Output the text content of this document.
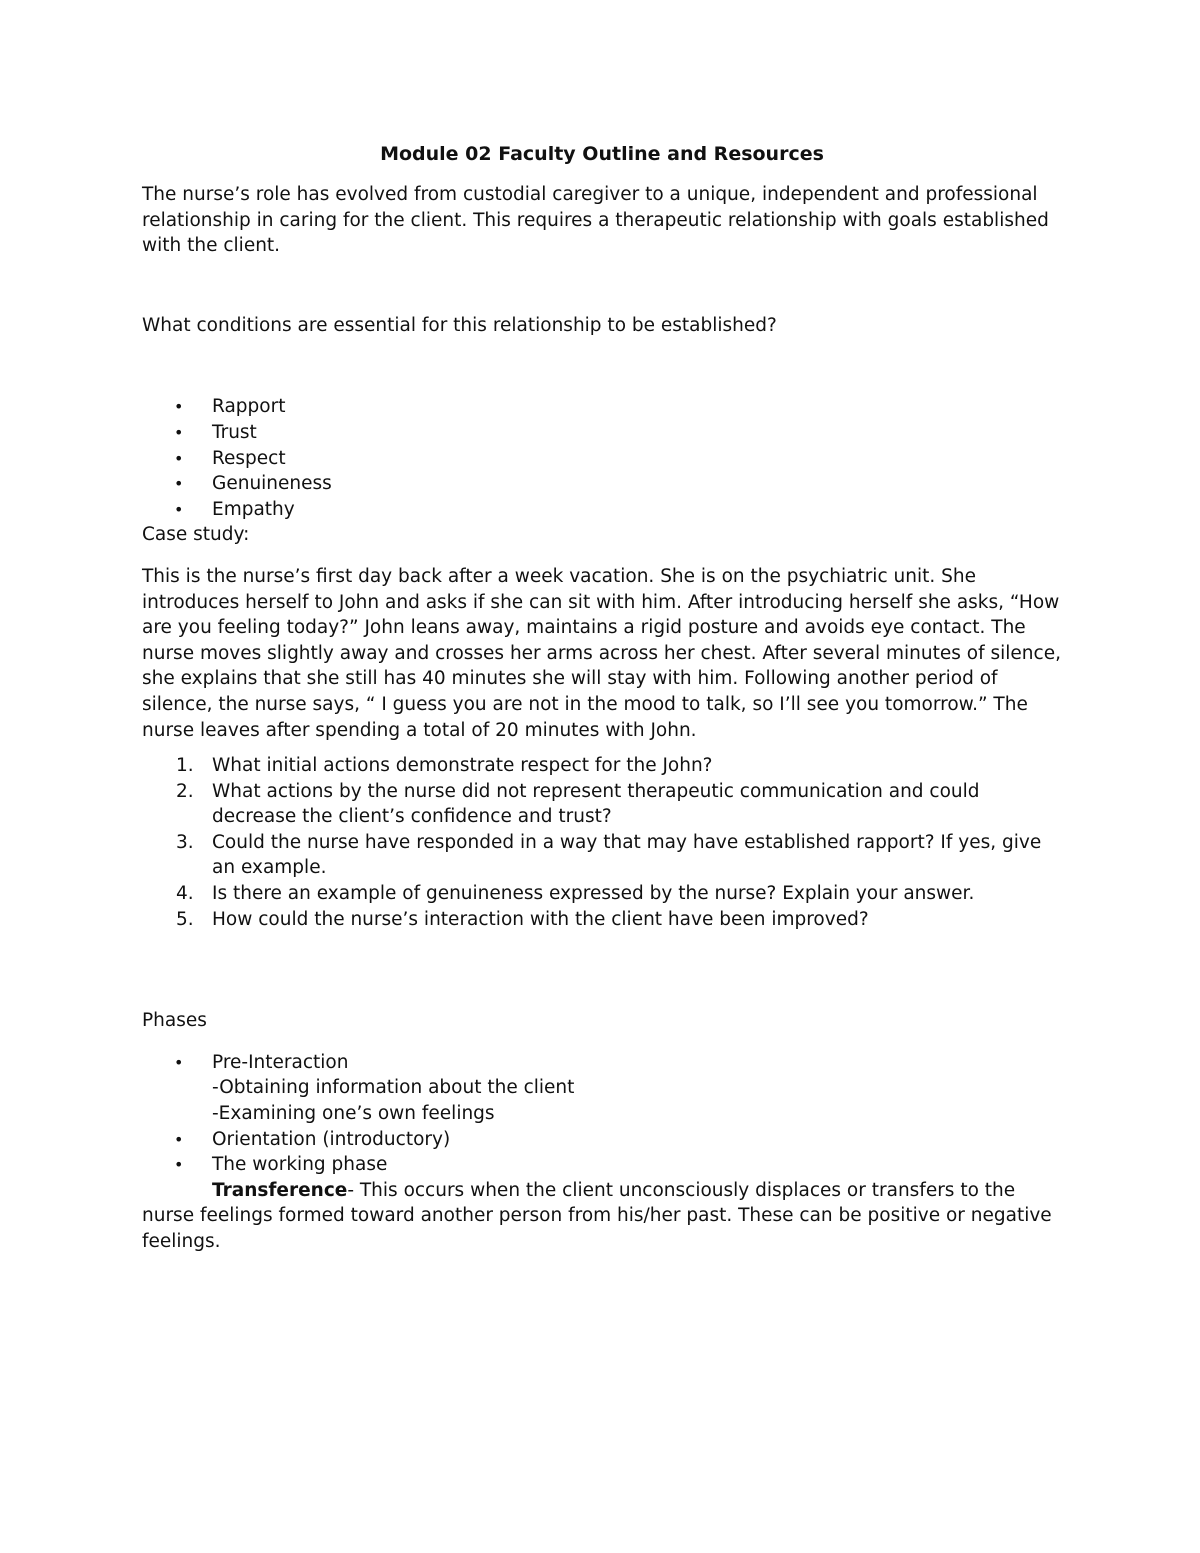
Module 02 Faculty Outline and Resources

The nurse’s role has evolved from custodial caregiver to a unique, independent and professional relationship in caring for the client. This requires a therapeutic relationship with goals established with the client.

What conditions are essential for this relationship to be established?

• Rapport
• Trust
• Respect
• Genuineness
• Empathy

Case study:

This is the nurse’s first day back after a week vacation. She is on the psychiatric unit. She introduces herself to John and asks if she can sit with him. After introducing herself she asks, “How are you feeling today?” John leans away, maintains a rigid posture and avoids eye contact. The nurse moves slightly away and crosses her arms across her chest. After several minutes of silence, she explains that she still has 40 minutes she will stay with him. Following another period of silence, the nurse says, “ I guess you are not in the mood to talk, so I’ll see you tomorrow.” The nurse leaves after spending a total of 20 minutes with John.

1. What initial actions demonstrate respect for the John?
2. What actions by the nurse did not represent therapeutic communication and could decrease the client’s confidence and trust?
3. Could the nurse have responded in a way that may have established rapport? If yes, give an example.
4. Is there an example of genuineness expressed by the nurse? Explain your answer.
5. How could the nurse’s interaction with the client have been improved?

Phases

• Pre-Interaction
-Obtaining information about the client
-Examining one’s own feelings
• Orientation (introductory)
• The working phase

Transference- This occurs when the client unconsciously displaces or transfers to the nurse feelings formed toward another person from his/her past. These can be positive or negative feelings.
